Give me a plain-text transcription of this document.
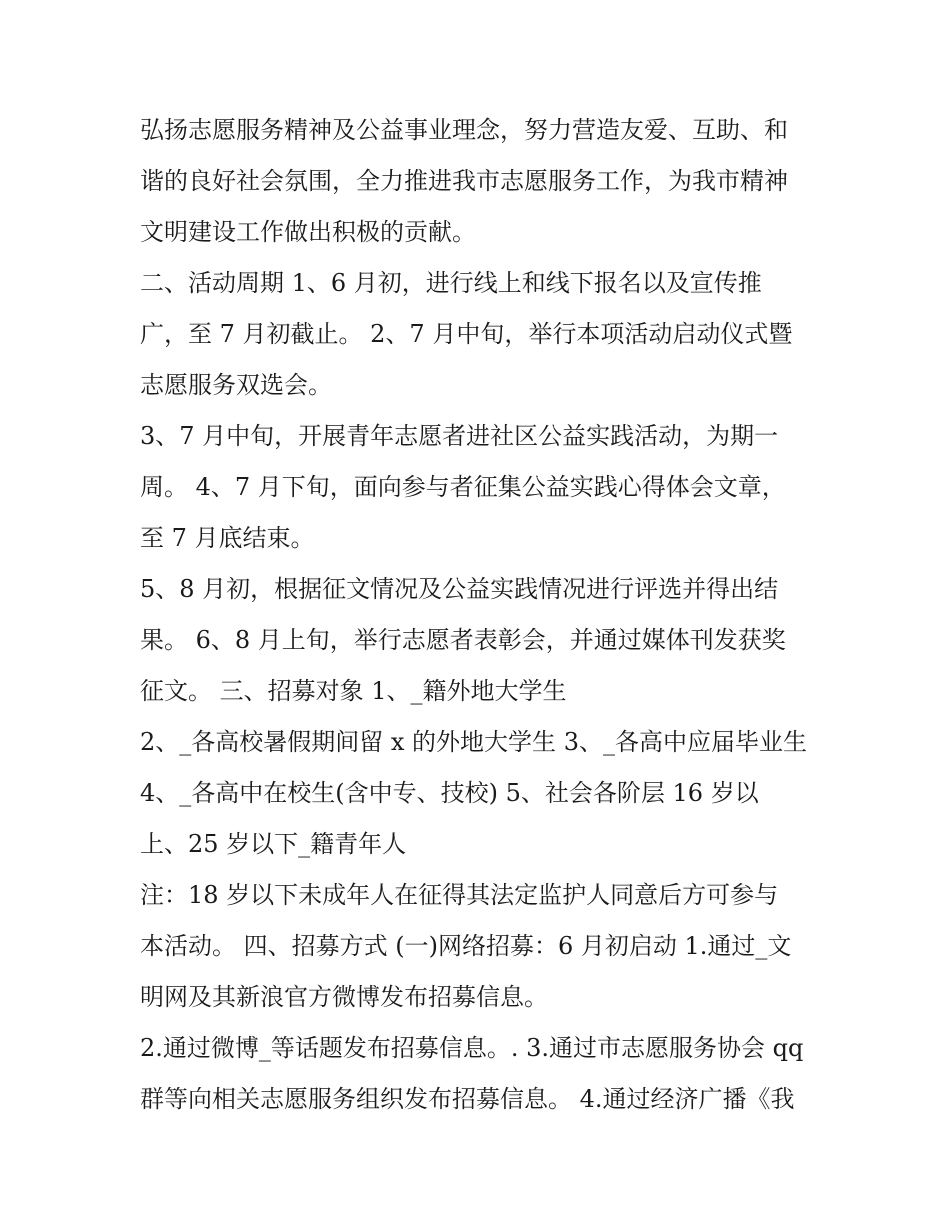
弘扬志愿服务精神及公益事业理念，努力营造友爱、互助、和
谐的良好社会氛围，全力推进我市志愿服务工作，为我市精神
文明建设工作做出积极的贡献。
二、活动周期 1、6 月初，进行线上和线下报名以及宣传推
广，至 7 月初截止。 2、7 月中旬，举行本项活动启动仪式暨
志愿服务双选会。
3、7 月中旬，开展青年志愿者进社区公益实践活动，为期一
周。 4、7 月下旬，面向参与者征集公益实践心得体会文章，
至 7 月底结束。
5、8 月初，根据征文情况及公益实践情况进行评选并得出结
果。 6、8 月上旬，举行志愿者表彰会，并通过媒体刊发获奖
征文。 三、招募对象 1、_籍外地大学生
2、_各高校暑假期间留 x 的外地大学生 3、_各高中应届毕业生
4、_各高中在校生(含中专、技校) 5、社会各阶层 16 岁以
上、25 岁以下_籍青年人
注：18 岁以下未成年人在征得其法定监护人同意后方可参与
本活动。 四、招募方式 (一)网络招募：6 月初启动 1.通过_文
明网及其新浪官方微博发布招募信息。
2.通过微博_等话题发布招募信息。. 3.通过市志愿服务协会 qq
群等向相关志愿服务组织发布招募信息。 4.通过经济广播《我
